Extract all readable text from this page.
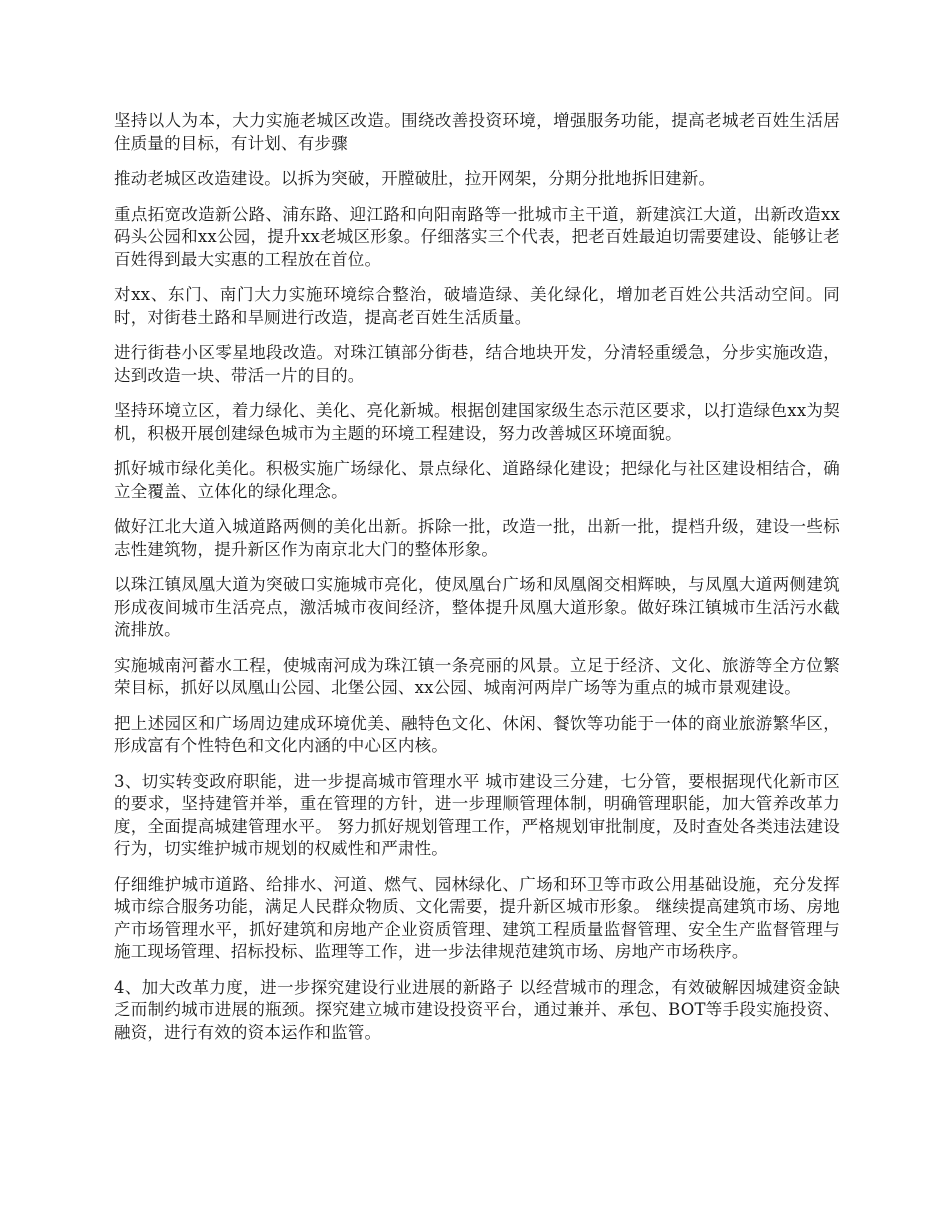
坚持以人为本，大力实施老城区改造。围绕改善投资环境，增强服务功能，提高老城老百姓生活居住质量的目标，有计划、有步骤

推动老城区改造建设。以拆为突破，开膛破肚，拉开网架，分期分批地拆旧建新。

重点拓宽改造新公路、浦东路、迎江路和向阳南路等一批城市主干道，新建滨江大道，出新改造xx码头公园和xx公园，提升xx老城区形象。仔细落实三个代表，把老百姓最迫切需要建设、能够让老百姓得到最大实惠的工程放在首位。

对xx、东门、南门大力实施环境综合整治，破墙造绿、美化绿化，增加老百姓公共活动空间。同时，对街巷土路和旱厕进行改造，提高老百姓生活质量。

进行街巷小区零星地段改造。对珠江镇部分街巷，结合地块开发，分清轻重缓急，分步实施改造，达到改造一块、带活一片的目的。

坚持环境立区，着力绿化、美化、亮化新城。根据创建国家级生态示范区要求，以打造绿色xx为契机，积极开展创建绿色城市为主题的环境工程建设，努力改善城区环境面貌。

抓好城市绿化美化。积极实施广场绿化、景点绿化、道路绿化建设；把绿化与社区建设相结合，确立全覆盖、立体化的绿化理念。

做好江北大道入城道路两侧的美化出新。拆除一批，改造一批，出新一批，提档升级，建设一些标志性建筑物，提升新区作为南京北大门的整体形象。

以珠江镇凤凰大道为突破口实施城市亮化，使凤凰台广场和凤凰阁交相辉映，与凤凰大道两侧建筑形成夜间城市生活亮点，激活城市夜间经济，整体提升凤凰大道形象。做好珠江镇城市生活污水截流排放。

实施城南河蓄水工程，使城南河成为珠江镇一条亮丽的风景。立足于经济、文化、旅游等全方位繁荣目标，抓好以凤凰山公园、北堡公园、xx公园、城南河两岸广场等为重点的城市景观建设。

把上述园区和广场周边建成环境优美、融特色文化、休闲、餐饮等功能于一体的商业旅游繁华区，形成富有个性特色和文化内涵的中心区内核。

3、切实转变政府职能，进一步提高城市管理水平 城市建设三分建，七分管，要根据现代化新市区的要求，坚持建管并举，重在管理的方针，进一步理顺管理体制，明确管理职能，加大管养改革力度，全面提高城建管理水平。 努力抓好规划管理工作，严格规划审批制度，及时查处各类违法建设行为，切实维护城市规划的权威性和严肃性。

仔细维护城市道路、给排水、河道、燃气、园林绿化、广场和环卫等市政公用基础设施，充分发挥城市综合服务功能，满足人民群众物质、文化需要，提升新区城市形象。 继续提高建筑市场、房地产市场管理水平，抓好建筑和房地产企业资质管理、建筑工程质量监督管理、安全生产监督管理与施工现场管理、招标投标、监理等工作，进一步法律规范建筑市场、房地产市场秩序。

4、加大改革力度，进一步探究建设行业进展的新路子 以经营城市的理念，有效破解因城建资金缺乏而制约城市进展的瓶颈。探究建立城市建设投资平台，通过兼并、承包、BOT等手段实施投资、融资，进行有效的资本运作和监管。
